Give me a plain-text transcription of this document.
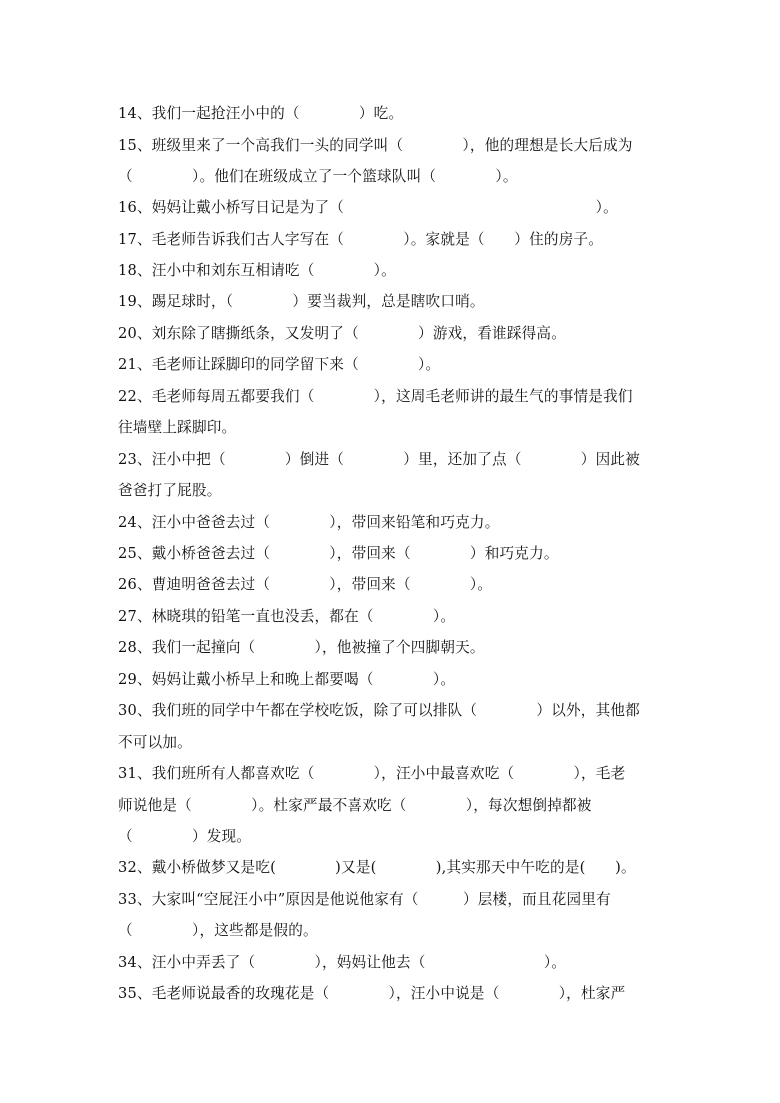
14、我们一起抢汪小中的（　　　　）吃。
15、班级里来了一个高我们一头的同学叫（　　　　），他的理想是长大后成为
（　　　　）。他们在班级成立了一个篮球队叫（　　　　）。
16、妈妈让戴小桥写日记是为了（　　　　　　　　　　　　　　　　　）。
17、毛老师告诉我们古人字写在（　　　　）。家就是（　　）住的房子。
18、汪小中和刘东互相请吃（　　　　）。
19、踢足球时，（　　　　）要当裁判，总是瞎吹口哨。
20、刘东除了瞎撕纸条，又发明了（　　　　）游戏，看谁踩得高。
21、毛老师让踩脚印的同学留下来（　　　　）。
22、毛老师每周五都要我们（　　　　），这周毛老师讲的最生气的事情是我们
往墙壁上踩脚印。
23、汪小中把（　　　　）倒进（　　　　）里，还加了点（　　　　）因此被
爸爸打了屁股。
24、汪小中爸爸去过（　　　　），带回来铅笔和巧克力。
25、戴小桥爸爸去过（　　　　），带回来（　　　　）和巧克力。
26、曹迪明爸爸去过（　　　　），带回来（　　　　）。
27、林晓琪的铅笔一直也没丢，都在（　　　　）。
28、我们一起撞向（　　　　），他被撞了个四脚朝天。
29、妈妈让戴小桥早上和晚上都要喝（　　　　）。
30、我们班的同学中午都在学校吃饭，除了可以排队（　　　　）以外，其他都
不可以加。
31、我们班所有人都喜欢吃（　　　　），汪小中最喜欢吃（　　　　），毛老
师说他是（　　　　）。杜家严最不喜欢吃（　　　　），每次想倒掉都被
（　　　　）发现。
32、戴小桥做梦又是吃(　　　　)又是(　　　　),其实那天中午吃的是(　　)。
33、大家叫“空屁汪小中”原因是他说他家有（　　　）层楼，而且花园里有
（　　　　），这些都是假的。
34、汪小中弄丢了（　　　　），妈妈让他去（　　　　　　　　）。
35、毛老师说最香的玫瑰花是（　　　　），汪小中说是（　　　　），杜家严
